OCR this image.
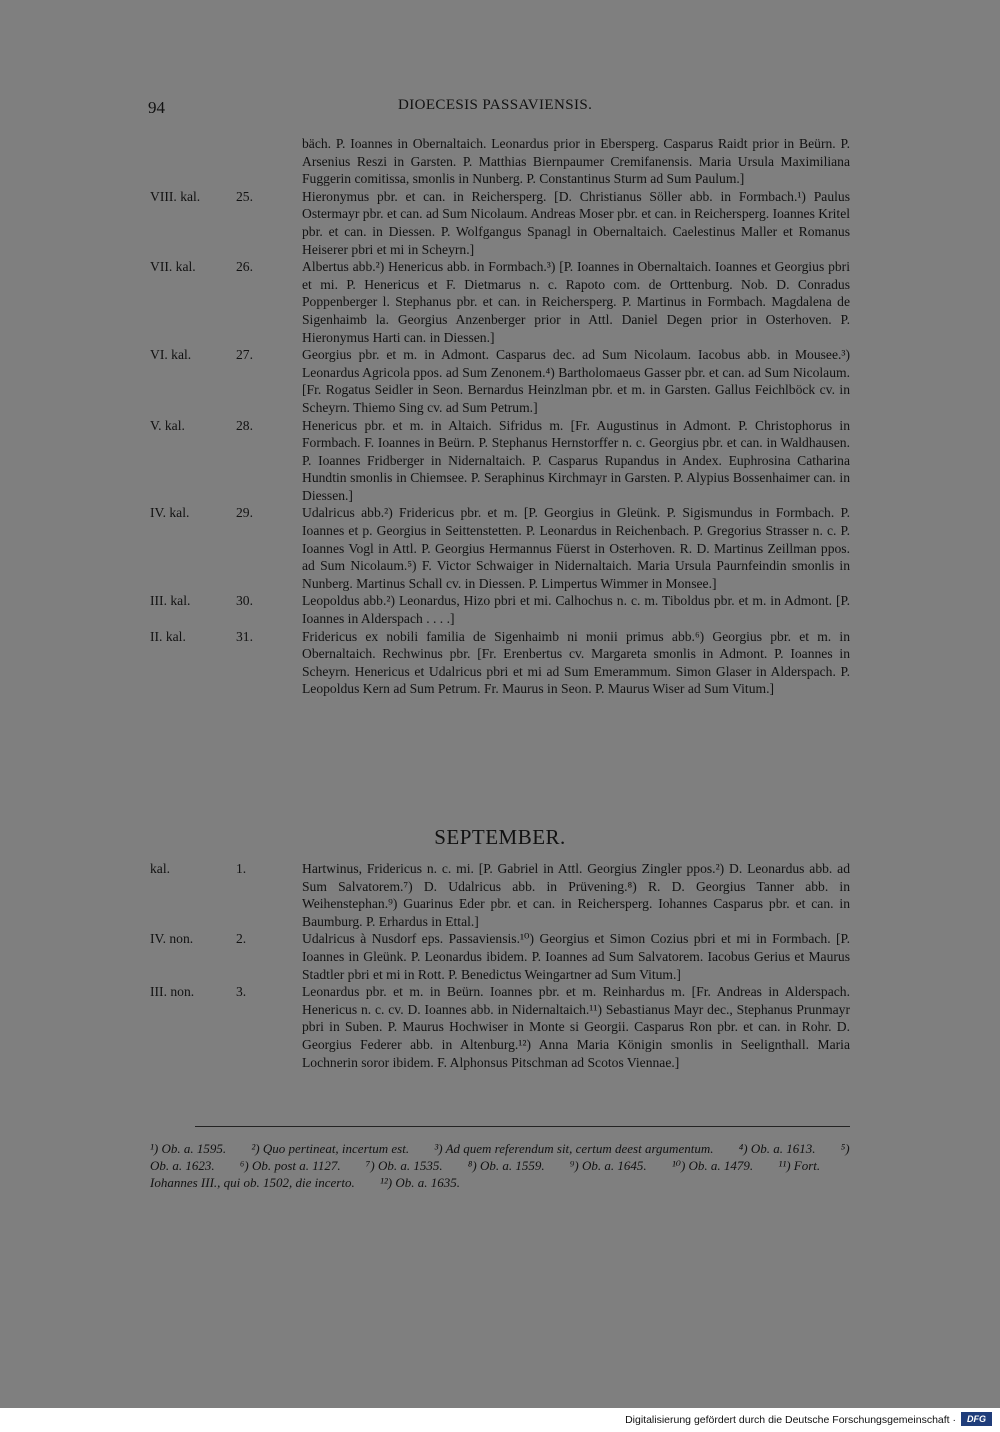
94	DIOECESIS PASSAVIENSIS.

bäch. P. Ioannes in Obernaltaich. Leonardus prior in Ebersperg. Casparus Raidt prior in Beürn. P. Arsenius Reszi in Garsten. P. Matthias Biernpaumer Cremifanensis. Maria Ursula Maximiliana Fuggerin comitissa, smonlis in Nunberg. P. Constantinus Sturm ad Sum Paulum.]

VIII. kal.	25.	Hieronymus pbr. et can. in Reichersperg. [D. Christianus Söller abb. in Formbach.¹) Paulus Ostermayr pbr. et can. ad Sum Nicolaum. Andreas Moser pbr. et can. in Reichersperg. Ioannes Kritel pbr. et can. in Diessen. P. Wolfgangus Spanagl in Obernaltaich. Caelestinus Maller et Romanus Heiserer pbri et mi in Scheyrn.]
VII. kal.	26.	Albertus abb.²) Henericus abb. in Formbach.³) [P. Ioannes in Obernaltaich. Ioannes et Georgius pbri et mi. P. Henericus et F. Dietmarus n. c. Rapoto com. de Orttenburg. Nob. D. Conradus Poppenberger l. Stephanus pbr. et can. in Reichersperg. P. Martinus in Formbach. Magdalena de Sigenhaimb la. Georgius Anzenberger prior in Attl. Daniel Degen prior in Osterhoven. P. Hieronymus Harti can. in Diessen.]
VI. kal.	27.	Georgius pbr. et m. in Admont. Casparus dec. ad Sum Nicolaum. Iacobus abb. in Mousee.³) Leonardus Agricola ppos. ad Sum Zenonem.⁴) Bartholomaeus Gasser pbr. et can. ad Sum Nicolaum. [Fr. Rogatus Seidler in Seon. Bernardus Heinzlman pbr. et m. in Garsten. Gallus Feichlböck cv. in Scheyrn. Thiemo Sing cv. ad Sum Petrum.]
V. kal.	28.	Henericus pbr. et m. in Altaich. Sifridus m. [Fr. Augustinus in Admont. P. Christophorus in Formbach. F. Ioannes in Beürn. P. Stephanus Hernstorffer n. c. Georgius pbr. et can. in Waldhausen. P. Ioannes Fridberger in Nidernaltaich. P. Casparus Rupandus in Andex. Euphrosina Catharina Hundtin smonlis in Chiemsee. P. Seraphinus Kirchmayr in Garsten. P. Alypius Bossenhaimer can. in Diessen.]
IV. kal.	29.	Udalricus abb.²) Fridericus pbr. et m. [P. Georgius in Gleünk. P. Sigismundus in Formbach. P. Ioannes et p. Georgius in Seittenstetten. P. Leonardus in Reichenbach. P. Gregorius Strasser n. c. P. Ioannes Vogl in Attl. P. Georgius Hermannus Füerst in Osterhoven. R. D. Martinus Zeillman ppos. ad Sum Nicolaum.⁵) F. Victor Schwaiger in Nidernaltaich. Maria Ursula Paurnfeindin smonlis in Nunberg. Martinus Schall cv. in Diessen. P. Limpertus Wimmer in Monsee.]
III. kal.	30.	Leopoldus abb.²) Leonardus, Hizo pbri et mi. Calhochus n. c. m. Tiboldus pbr. et m. in Admont. [P. Ioannes in Alderspach . . . .]
II. kal.	31.	Fridericus ex nobili familia de Sigenhaimb ni monii primus abb.⁶) Georgius pbr. et m. in Obernaltaich. Rechwinus pbr. [Fr. Erenbertus cv. Margareta smonlis in Admont. P. Ioannes in Scheyrn. Henericus et Udalricus pbri et mi ad Sum Emerammum. Simon Glaser in Alderspach. P. Leopoldus Kern ad Sum Petrum. Fr. Maurus in Seon. P. Maurus Wiser ad Sum Vitum.]
SEPTEMBER.
kal.	1.	Hartwinus, Fridericus n. c. mi. [P. Gabriel in Attl. Georgius Zingler ppos.²) D. Leonardus abb. ad Sum Salvatorem.⁷) D. Udalricus abb. in Prüvening.⁸) R. D. Georgius Tanner abb. in Weihenstephan.⁹) Guarinus Eder pbr. et can. in Reichersperg. Iohannes Casparus pbr. et can. in Baumburg. P. Erhardus in Ettal.]
IV. non.	2.	Udalricus à Nusdorf eps. Passaviensis.¹⁰) Georgius et Simon Cozius pbri et mi in Formbach. [P. Ioannes in Gleünk. P. Leonardus ibidem. P. Ioannes ad Sum Salvatorem. Iacobus Gerius et Maurus Stadtler pbri et mi in Rott. P. Benedictus Weingartner ad Sum Vitum.]
III. non.	3.	Leonardus pbr. et m. in Beürn. Ioannes pbr. et m. Reinhardus m. [Fr. Andreas in Alderspach. Henericus n. c. cv. D. Ioannes abb. in Nidernaltaich.¹¹) Sebastianus Mayr dec., Stephanus Prunmayr pbri in Suben. P. Maurus Hochwiser in Monte si Georgii. Casparus Ron pbr. et can. in Rohr. D. Georgius Federer abb. in Altenburg.¹²) Anna Maria Königin smonlis in Seelignthall. Maria Lochnerin soror ibidem. F. Alphonsus Pitschman ad Scotos Viennae.]
¹) Ob. a. 1595. ²) Quo pertineat, incertum est. ³) Ad quem referendum sit, certum deest argumentum. ⁴) Ob. a. 1613. ⁵) Ob. a. 1623. ⁶) Ob. post a. 1127. ⁷) Ob. a. 1535. ⁸) Ob. a. 1559. ⁹) Ob. a. 1645. ¹⁰) Ob. a. 1479. ¹¹) Fort. Iohannes III., qui ob. 1502, die incerto. ¹²) Ob. a. 1635.
Digitalisierung gefördert durch die Deutsche Forschungsgemeinschaft ·	DFG
